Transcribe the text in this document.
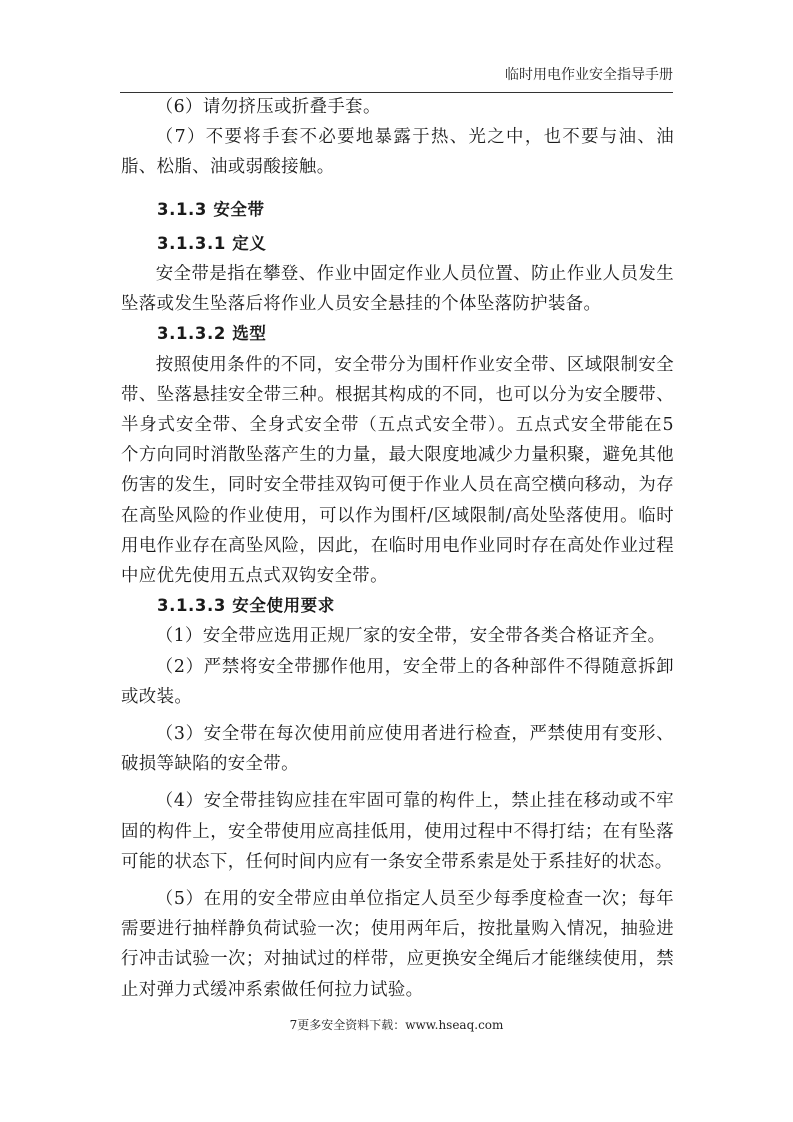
临时用电作业安全指导手册

（6）请勿挤压或折叠手套。

（7）不要将手套不必要地暴露于热、光之中，也不要与油、油脂、松脂、油或弱酸接触。

3.1.3 安全带

3.1.3.1 定义

安全带是指在攀登、作业中固定作业人员位置、防止作业人员发生坠落或发生坠落后将作业人员安全悬挂的个体坠落防护装备。

3.1.3.2 选型

按照使用条件的不同，安全带分为围杆作业安全带、区域限制安全带、坠落悬挂安全带三种。根据其构成的不同，也可以分为安全腰带、半身式安全带、全身式安全带（五点式安全带）。五点式安全带能在5个方向同时消散坠落产生的力量，最大限度地减少力量积聚，避免其他伤害的发生，同时安全带挂双钩可便于作业人员在高空横向移动，为存在高坠风险的作业使用，可以作为围杆/区域限制/高处坠落使用。临时用电作业存在高坠风险，因此，在临时用电作业同时存在高处作业过程中应优先使用五点式双钩安全带。

3.1.3.3 安全使用要求

（1）安全带应选用正规厂家的安全带，安全带各类合格证齐全。

（2）严禁将安全带挪作他用，安全带上的各种部件不得随意拆卸或改装。

（3）安全带在每次使用前应使用者进行检查，严禁使用有变形、破损等缺陷的安全带。

（4）安全带挂钩应挂在牢固可靠的构件上，禁止挂在移动或不牢固的构件上，安全带使用应高挂低用，使用过程中不得打结；在有坠落可能的状态下，任何时间内应有一条安全带系索是处于系挂好的状态。

（5）在用的安全带应由单位指定人员至少每季度检查一次；每年需要进行抽样静负荷试验一次；使用两年后，按批量购入情况，抽验进行冲击试验一次；对抽试过的样带，应更换安全绳后才能继续使用，禁止对弹力式缓冲系索做任何拉力试验。

7更多安全资料下载：www.hseaq.com
